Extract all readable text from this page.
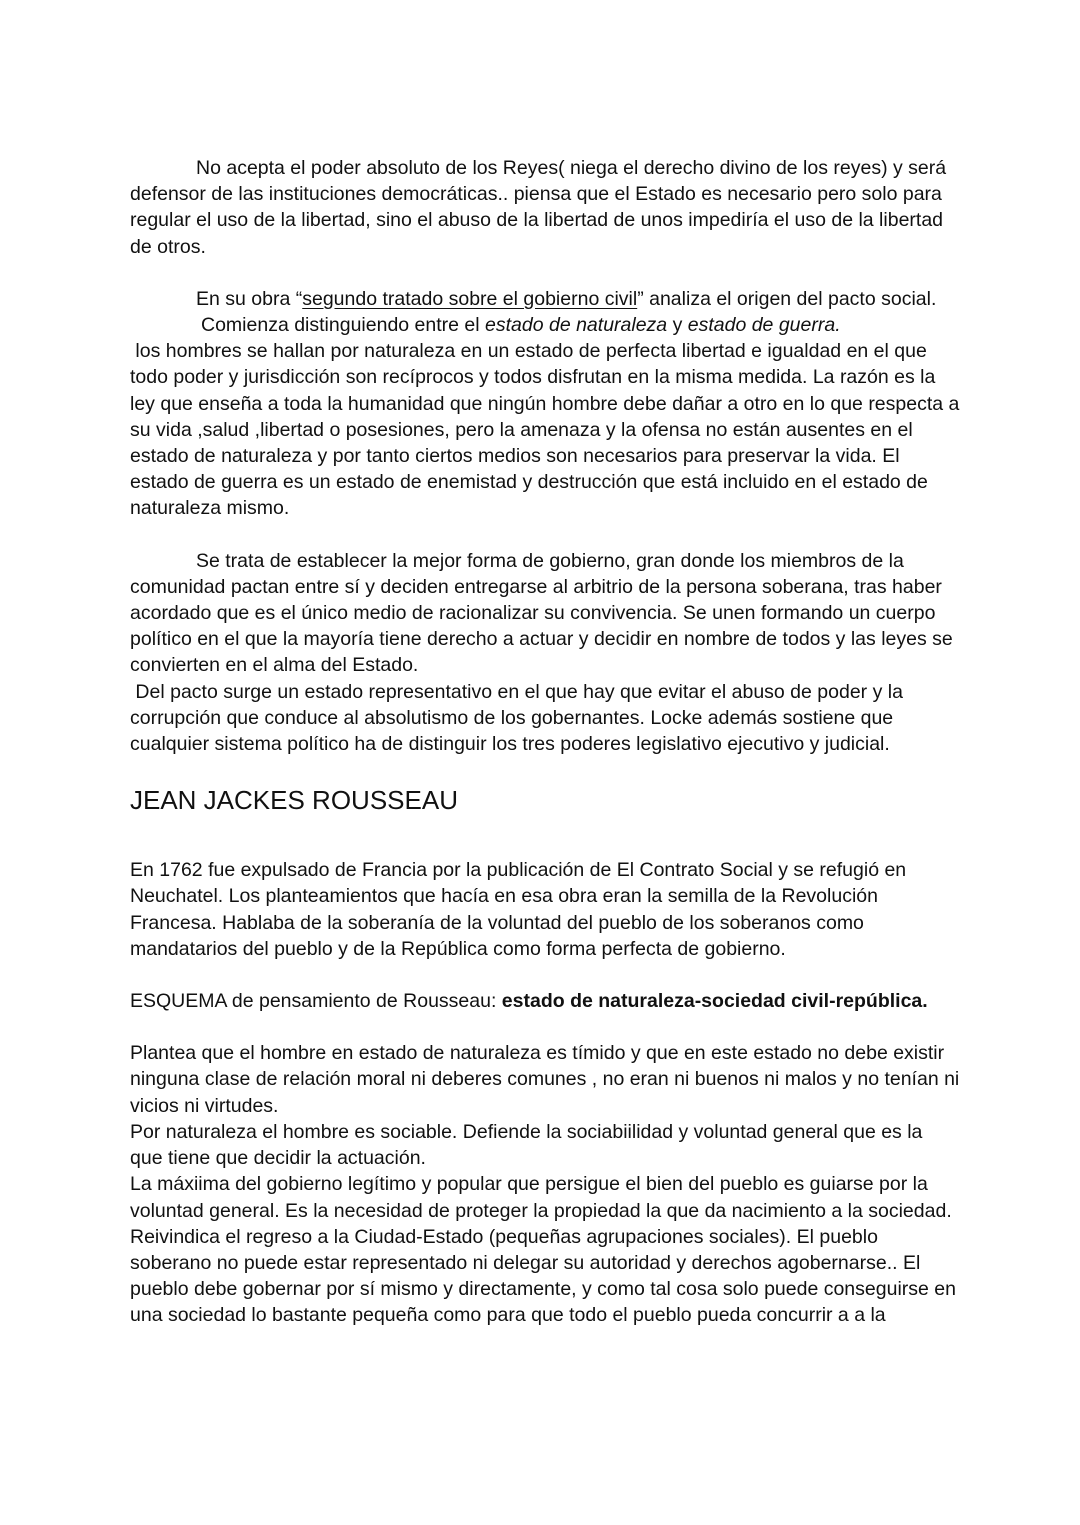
No acepta el poder absoluto de los Reyes( niega el derecho divino de los reyes) y será defensor de las instituciones democráticas.. piensa que el Estado es necesario pero solo para regular el uso de la libertad, sino el abuso de la libertad de unos impediría el uso de la libertad de otros.

En su obra “segundo tratado sobre el gobierno civil” analiza el origen del pacto social.

Comienza distinguiendo entre el estado de naturaleza y estado de guerra.

los hombres se hallan por naturaleza en un estado de perfecta libertad e igualdad en el que todo poder y jurisdicción son recíprocos y todos disfrutan en la misma medida. La razón es la ley que enseña a toda la humanidad que ningún hombre debe dañar a otro en lo que respecta a su vida ,salud ,libertad o posesiones, pero la amenaza y la ofensa no están ausentes en el estado de naturaleza y por tanto ciertos medios son necesarios para preservar la vida. El estado de guerra es un estado de enemistad y destrucción que está incluido en el estado de naturaleza mismo.

Se trata de establecer la mejor forma de gobierno, gran donde los miembros de la comunidad pactan entre sí y deciden entregarse al arbitrio de la persona soberana, tras haber acordado que es el único medio de racionalizar su convivencia. Se unen formando un cuerpo político en el que la mayoría tiene derecho a actuar y decidir en nombre de todos y las leyes se convierten en el alma del Estado.

Del pacto surge un estado representativo en el que hay que evitar el abuso de poder y la corrupción que conduce al absolutismo de los gobernantes. Locke además sostiene que cualquier sistema político ha de distinguir los tres poderes legislativo ejecutivo y judicial.

JEAN JACKES ROUSSEAU

En 1762 fue expulsado de Francia por la publicación de El Contrato Social y se refugió en Neuchatel. Los planteamientos que hacía en esa obra eran la semilla de la Revolución Francesa. Hablaba de la soberanía de la voluntad del pueblo de los soberanos como mandatarios del pueblo y de la República como forma perfecta de gobierno.

ESQUEMA de pensamiento de Rousseau: estado de naturaleza-sociedad civil-república.

Plantea que el hombre en estado de naturaleza es tímido y que en este estado no debe existir ninguna clase de relación moral ni deberes comunes , no eran ni buenos ni malos y no tenían ni vicios ni virtudes.

Por naturaleza el hombre es sociable. Defiende la sociabiilidad y voluntad general que es la que tiene que decidir la actuación.

La máxiima del gobierno legítimo y popular que persigue el bien del pueblo es guiarse por la voluntad general. Es la necesidad de proteger la propiedad la que da nacimiento a la sociedad.

Reivindica el regreso a la Ciudad-Estado (pequeñas agrupaciones sociales). El pueblo soberano no puede estar representado ni delegar su autoridad y derechos agobernarse.. El pueblo debe gobernar por sí mismo y directamente, y como tal cosa solo puede conseguirse en una sociedad lo bastante pequeña como para que todo el pueblo pueda concurrir a a la
